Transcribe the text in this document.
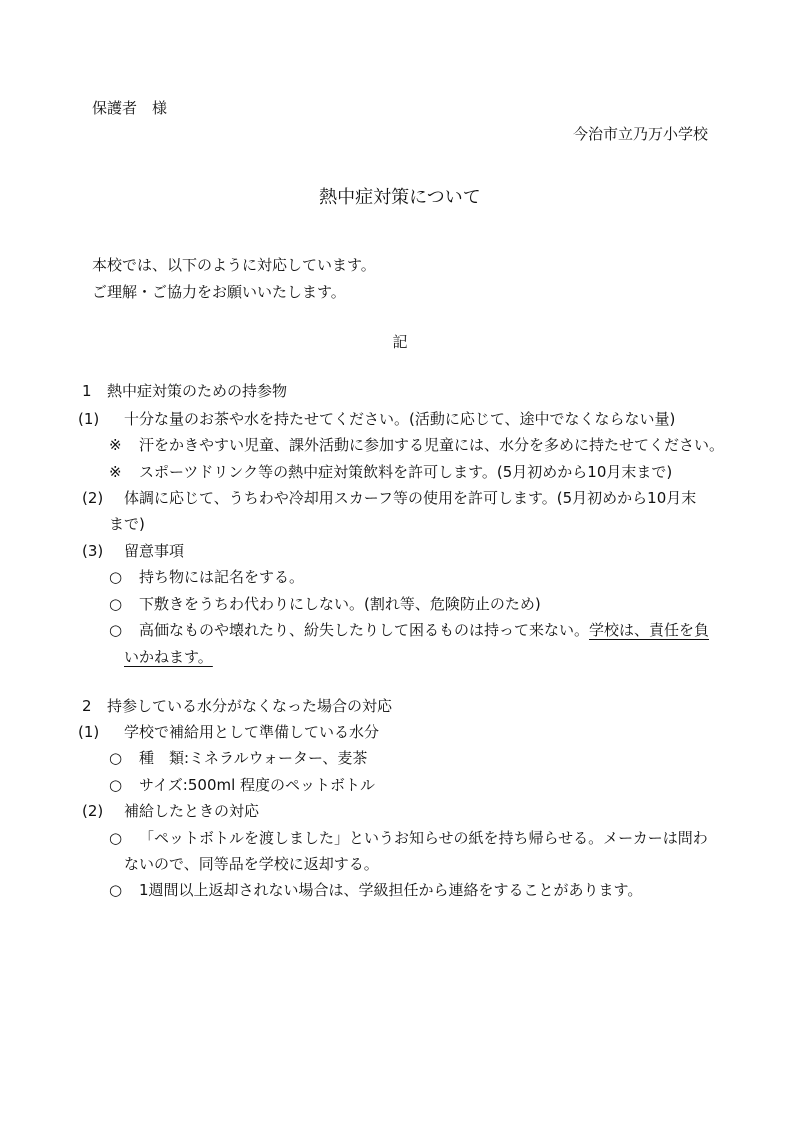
保護者　様
今治市立乃万小学校
熱中症対策について
本校では、以下のように対応しています。
ご理解・ご協力をお願いいたします。
記
1 熱中症対策のための持参物
(1) 十分な量のお茶や水を持たせてください。(活動に応じて、途中でなくならない量)
※ 汗をかきやすい児童、課外活動に参加する児童には、水分を多めに持たせてください。
※ スポーツドリンク等の熱中症対策飲料を許可します。(5月初めから10月末まで)
(2) 体調に応じて、うちわや冷却用スカーフ等の使用を許可します。(5月初めから10月末
まで)
(3) 留意事項
○ 持ち物には記名をする。
○ 下敷きをうちわ代わりにしない。(割れ等、危険防止のため)
○ 高価なものや壊れたり、紛失したりして困るものは持って来ない。学校は、責任を負
いかねます。
2 持参している水分がなくなった場合の対応
(1) 学校で補給用として準備している水分
○ 種　類:ミネラルウォーター、麦茶
○ サイズ:500ml 程度のペットボトル
(2) 補給したときの対応
○ 「ペットボトルを渡しました」というお知らせの紙を持ち帰らせる。メーカーは問わ
ないので、同等品を学校に返却する。
○ 1週間以上返却されない場合は、学級担任から連絡をすることがあります。
